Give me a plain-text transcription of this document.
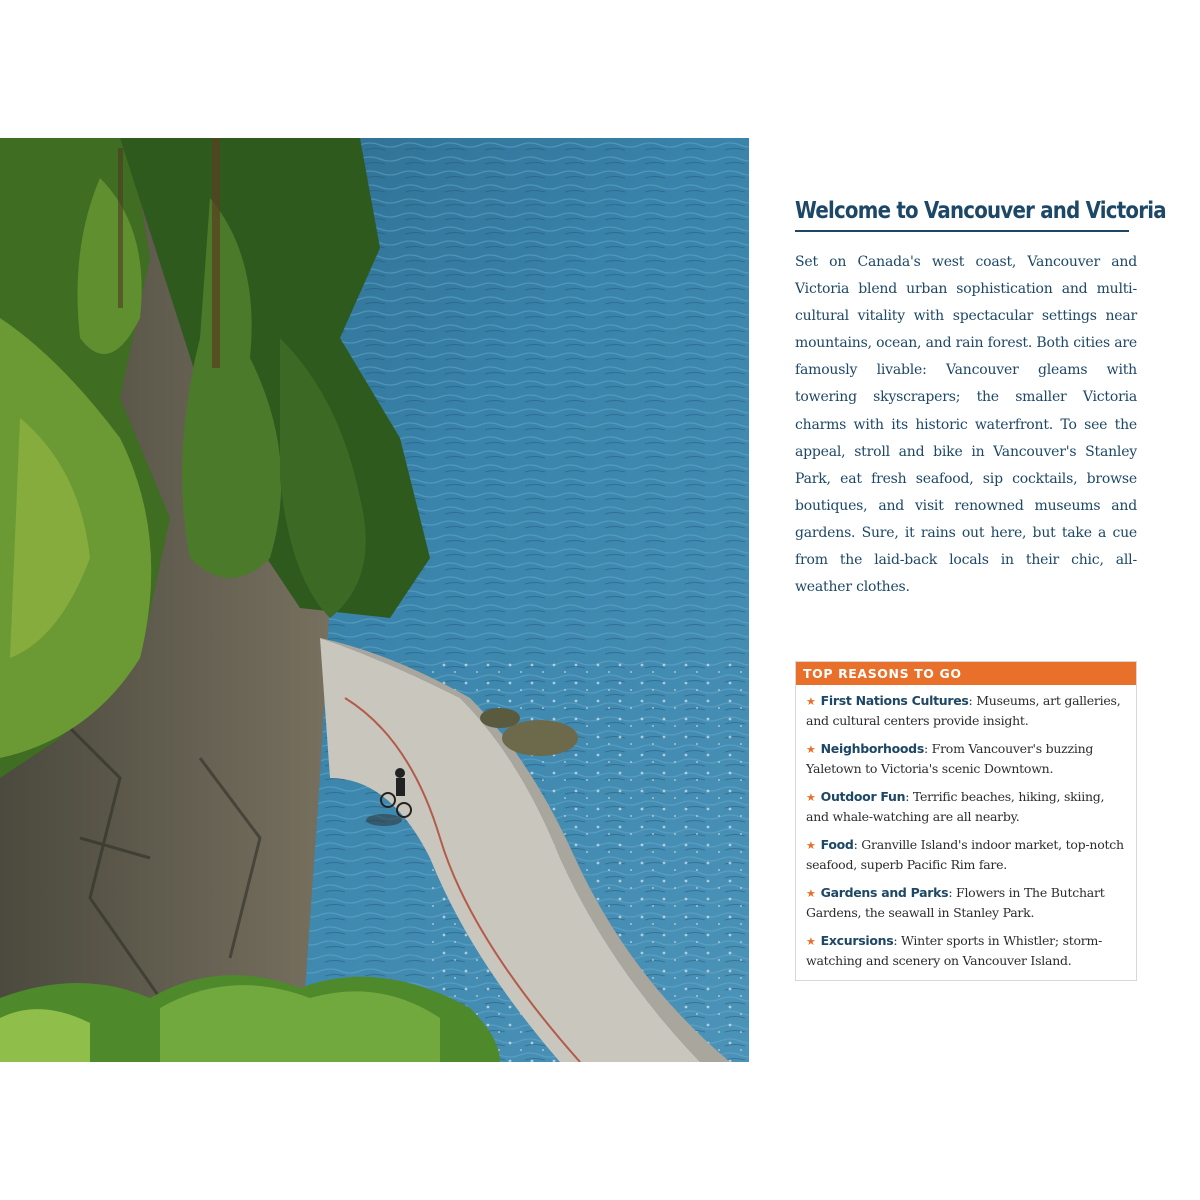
Welcome to Vancouver and Victoria

Set on Canada's west coast, Vancouver and Victoria blend urban sophistication and multi-cultural vitality with spectacular settings near mountains, ocean, and rain forest. Both cities are famously livable: Vancouver gleams with towering skyscrapers; the smaller Victoria charms with its historic waterfront. To see the appeal, stroll and bike in Vancouver's Stanley Park, eat fresh seafood, sip cocktails, browse boutiques, and visit renowned museums and gardens. Sure, it rains out here, but take a cue from the laid-back locals in their chic, all-weather clothes.

TOP REASONS TO GO
★ First Nations Cultures: Museums, art galleries, and cultural centers provide insight.
★ Neighborhoods: From Vancouver's buzzing Yaletown to Victoria's scenic Downtown.
★ Outdoor Fun: Terrific beaches, hiking, skiing, and whale-watching are all nearby.
★ Food: Granville Island's indoor market, top-notch seafood, superb Pacific Rim fare.
★ Gardens and Parks: Flowers in The Butchart Gardens, the seawall in Stanley Park.
★ Excursions: Winter sports in Whistler; storm-watching and scenery on Vancouver Island.
